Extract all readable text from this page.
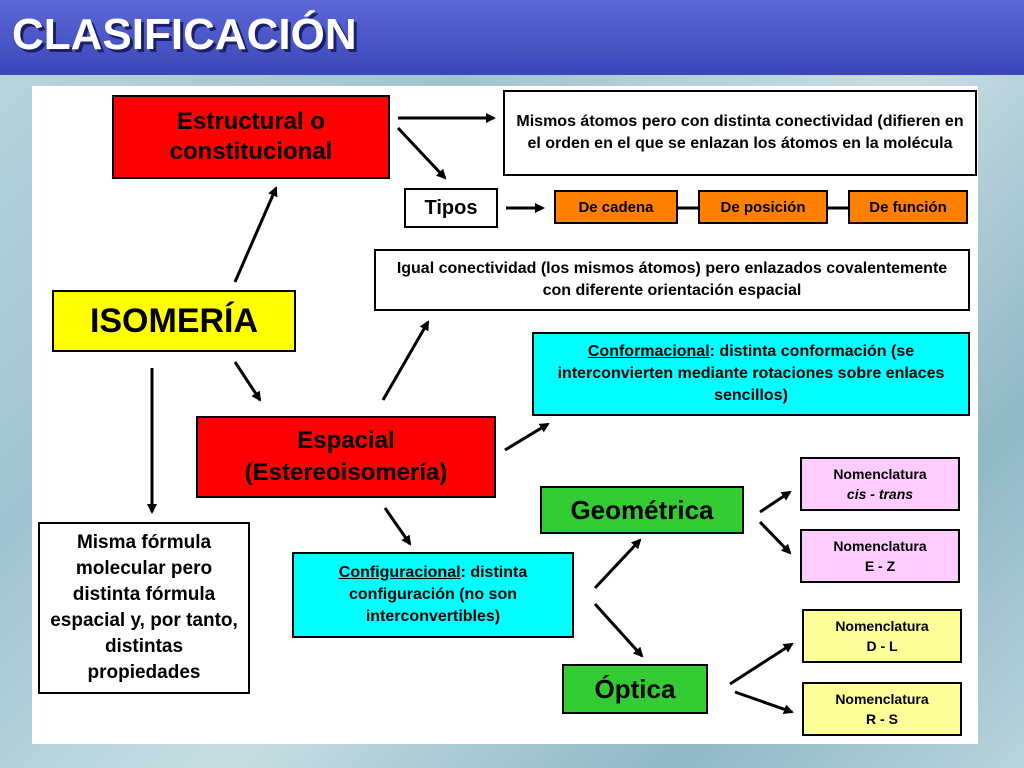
CLASIFICACIÓN
Estructural o constitucional
Mismos átomos pero con distinta conectividad (difieren en el orden en el que se enlazan los átomos en la molécula
Tipos	De cadena	De posición	De función
Igual conectividad (los mismos átomos) pero enlazados covalentemente con diferente orientación espacial
ISOMERÍA
Conformacional: distinta conformación (se interconvierten mediante rotaciones sobre enlaces sencillos)
Espacial
(Estereoisomería)	Nomenclatura
cis - trans
Geométrica
Misma fórmula molecular pero distinta fórmula espacial y, por tanto, distintas propiedades
Nomenclatura
E - Z
Configuracional: distinta configuración (no son interconvertibles)
Nomenclatura
D - L
Óptica	Nomenclatura
R - S
